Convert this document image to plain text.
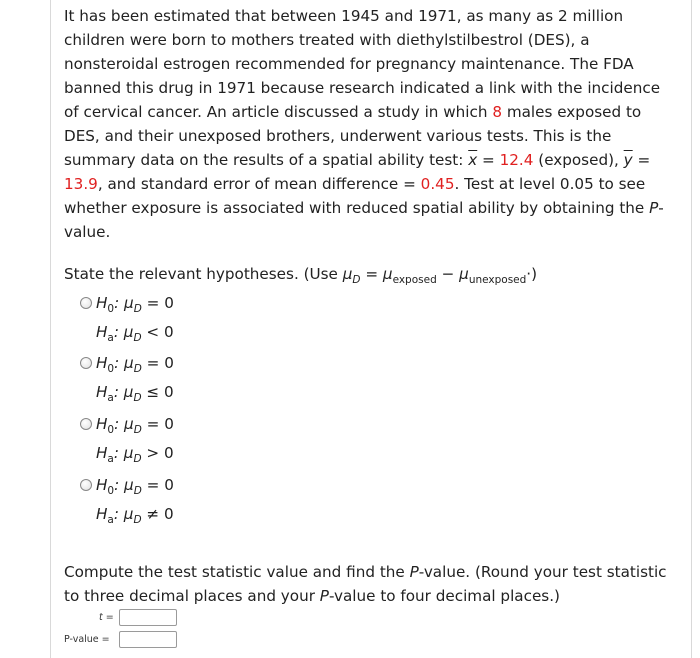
It has been estimated that between 1945 and 1971, as many as 2 million children were born to mothers treated with diethylstilbestrol (DES), a nonsteroidal estrogen recommended for pregnancy maintenance. The FDA banned this drug in 1971 because research indicated a link with the incidence of cervical cancer. An article discussed a study in which 8 males exposed to DES, and their unexposed brothers, underwent various tests. This is the summary data on the results of a spatial ability test: $\overline{x} = 12.4$ (exposed), $\overline{y} = 13.9$, and standard error of mean difference = 0.45. Test at level 0.05 to see whether exposure is associated with reduced spatial ability by obtaining the P-value.

State the relevant hypotheses. (Use $\mu_D = \mu_{exposed} - \mu_{unexposed}\cdot$)
$H_0$: $\mu_D = 0$
$H_a$: $\mu_D < 0$
$H_0$: $\mu_D = 0$
$H_a$: $\mu_D \le 0$
$H_0$: $\mu_D = 0$
$H_a$: $\mu_D > 0$
$H_0$: $\mu_D = 0$
$H_a$: $\mu_D \ne 0$
Compute the test statistic value and find the P-value. (Round your test statistic to three decimal places and your P-value to four decimal places.)
t =
P-value =
